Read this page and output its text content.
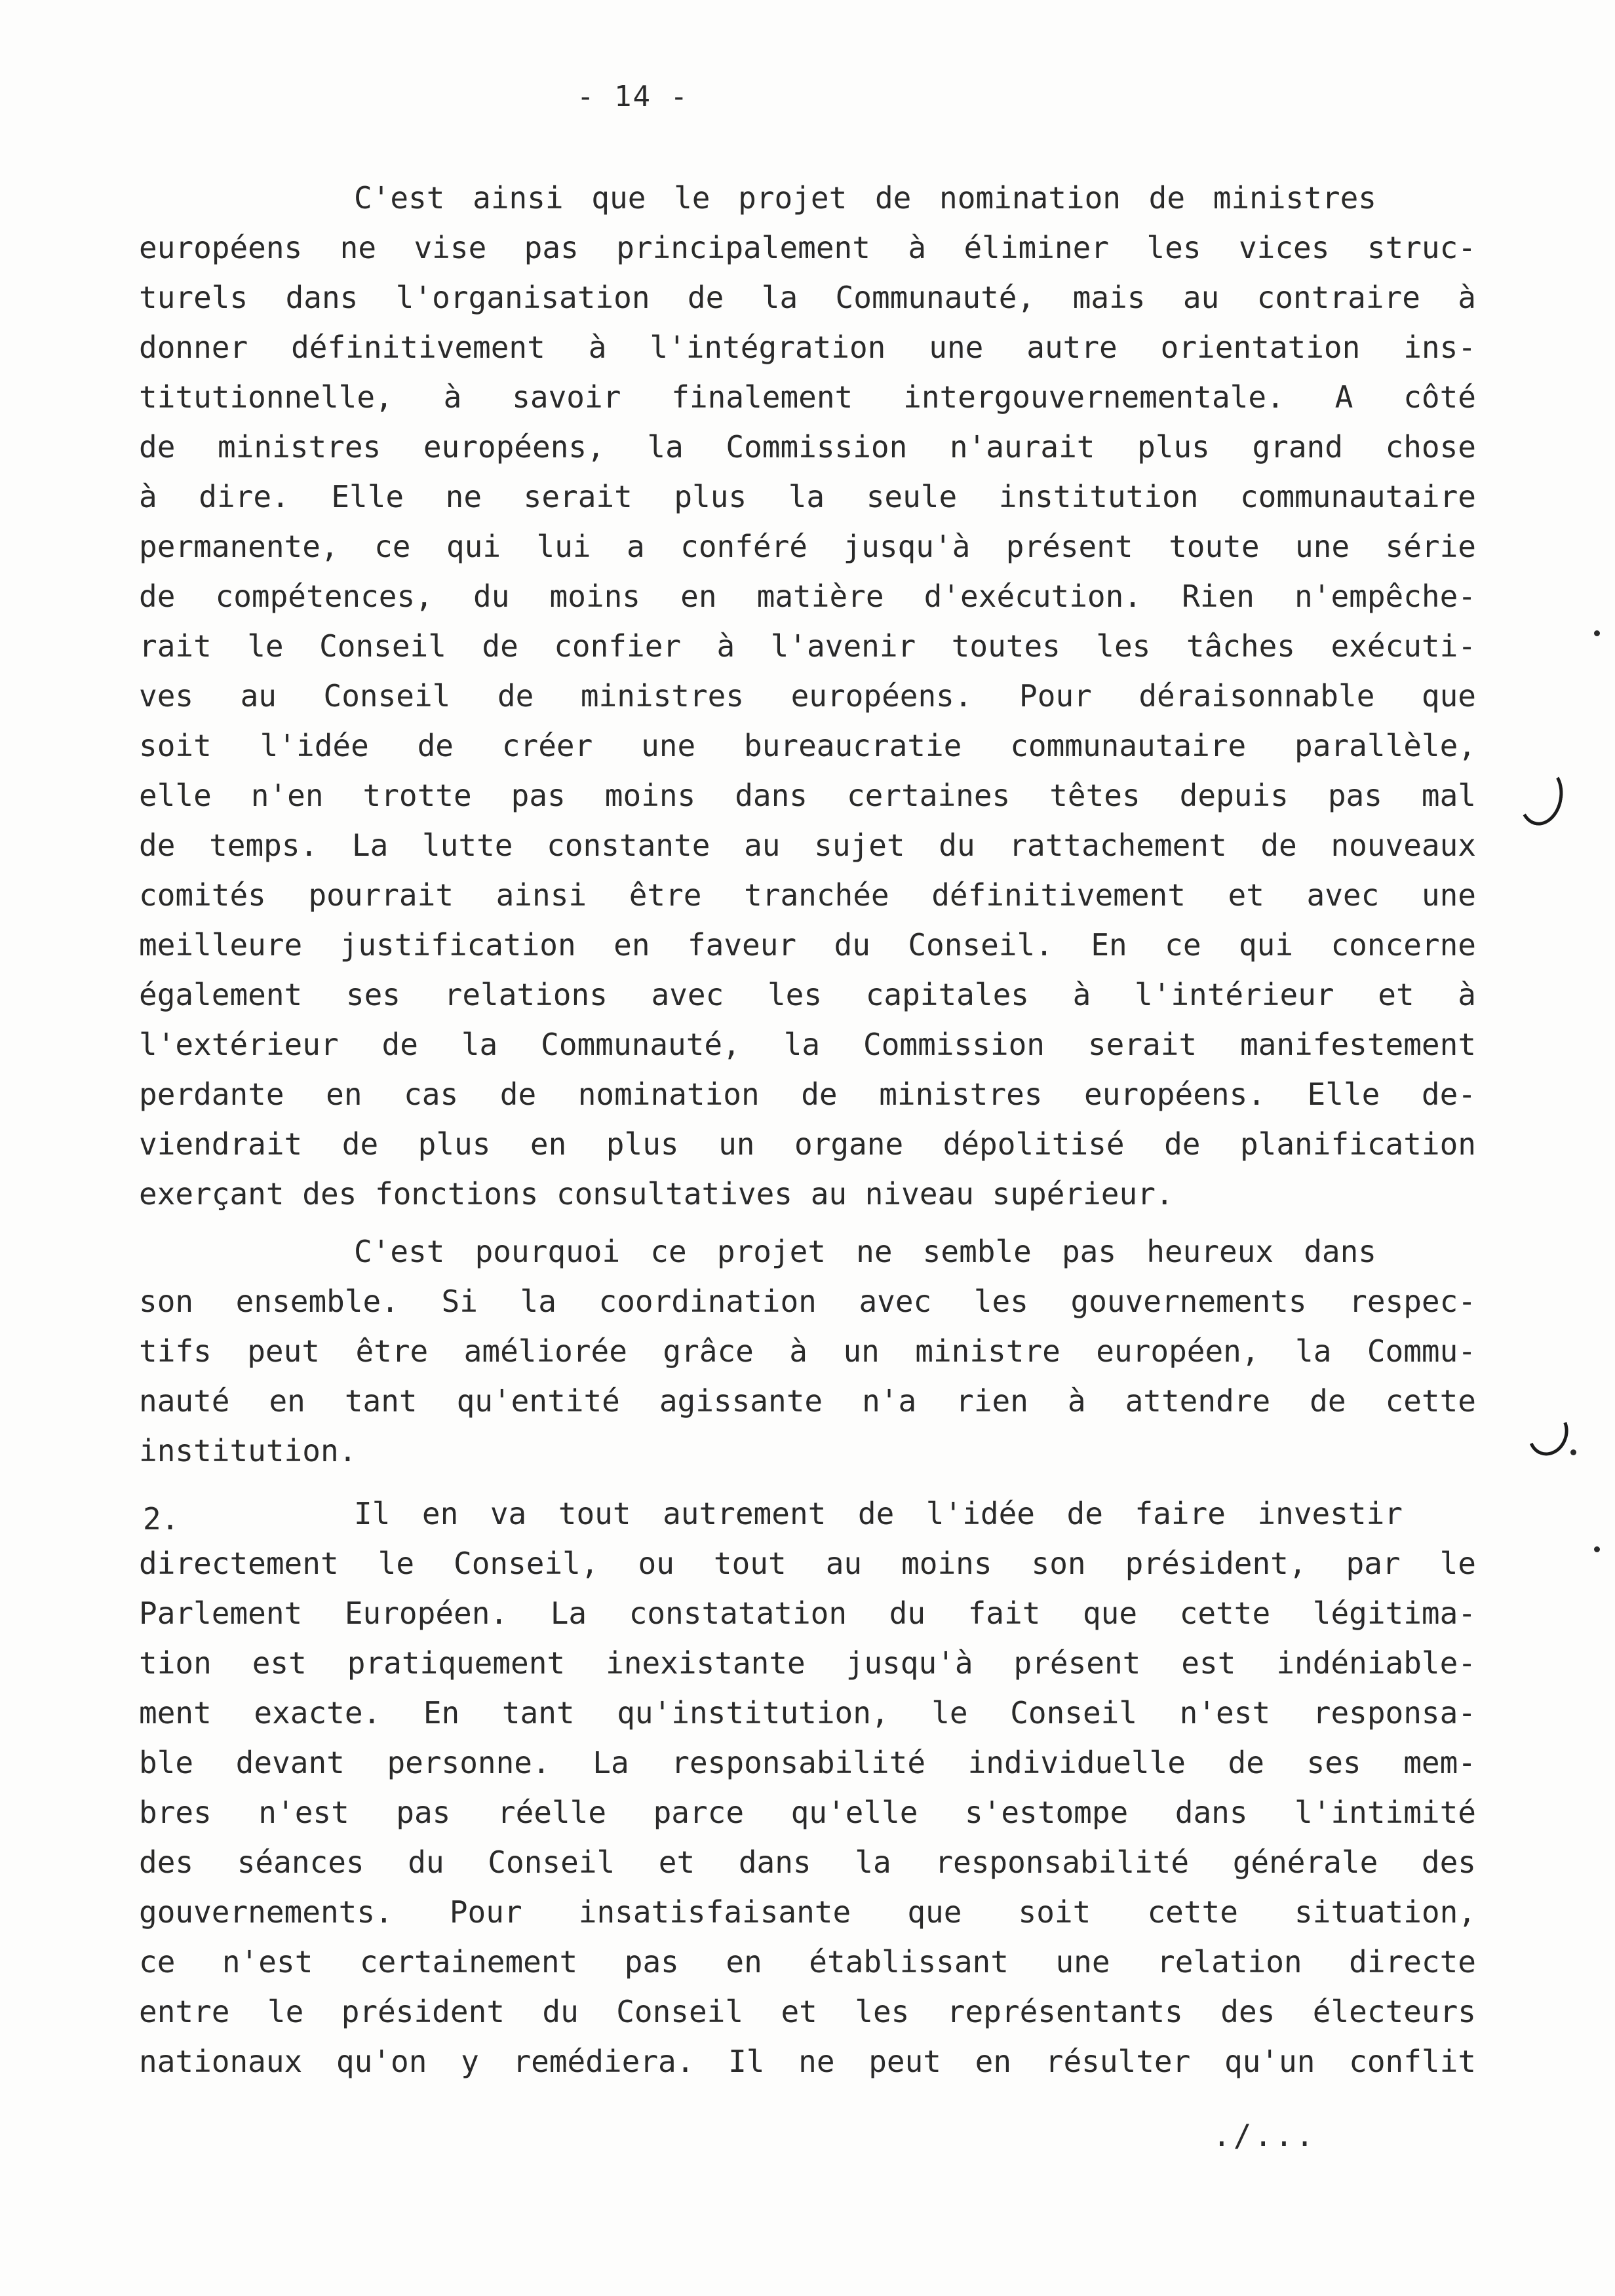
- 14 -
C'est ainsi que le projet de nomination de ministres
européens ne vise pas principalement à éliminer les vices struc-
turels dans l'organisation de la Communauté, mais au contraire à
donner définitivement à l'intégration une autre orientation ins-
titutionnelle, à savoir finalement intergouvernementale. A côté
de ministres européens, la Commission n'aurait plus grand chose
à dire. Elle ne serait plus la seule institution communautaire
permanente, ce qui lui a conféré jusqu'à présent toute une série
de compétences, du moins en matière d'exécution. Rien n'empêche-
rait le Conseil de confier à l'avenir toutes les tâches exécuti-
ves au Conseil de ministres européens. Pour déraisonnable que
soit l'idée de créer une bureaucratie communautaire parallèle,
elle n'en trotte pas moins dans certaines têtes depuis pas mal
de temps. La lutte constante au sujet du rattachement de nouveaux
comités pourrait ainsi être tranchée définitivement et avec une
meilleure justification en faveur du Conseil. En ce qui concerne
également ses relations avec les capitales à l'intérieur et à
l'extérieur de la Communauté, la Commission serait manifestement
perdante en cas de nomination de ministres européens. Elle de-
viendrait de plus en plus un organe dépolitisé de planification
exerçant des fonctions consultatives au niveau supérieur.
C'est pourquoi ce projet ne semble pas heureux dans
son ensemble. Si la coordination avec les gouvernements respec-
tifs peut être améliorée grâce à un ministre européen, la Commu-
nauté en tant qu'entité agissante n'a rien à attendre de cette
institution.
2.	Il en va tout autrement de l'idée de faire investir
directement le Conseil, ou tout au moins son président, par le
Parlement Européen. La constatation du fait que cette légitima-
tion est pratiquement inexistante jusqu'à présent est indéniable-
ment exacte. En tant qu'institution, le Conseil n'est responsa-
ble devant personne. La responsabilité individuelle de ses mem-
bres n'est pas réelle parce qu'elle s'estompe dans l'intimité
des séances du Conseil et dans la responsabilité générale des
gouvernements. Pour insatisfaisante que soit cette situation,
ce n'est certainement pas en établissant une relation directe
entre le président du Conseil et les représentants des électeurs
nationaux qu'on y remédiera. Il ne peut en résulter qu'un conflit
./...
